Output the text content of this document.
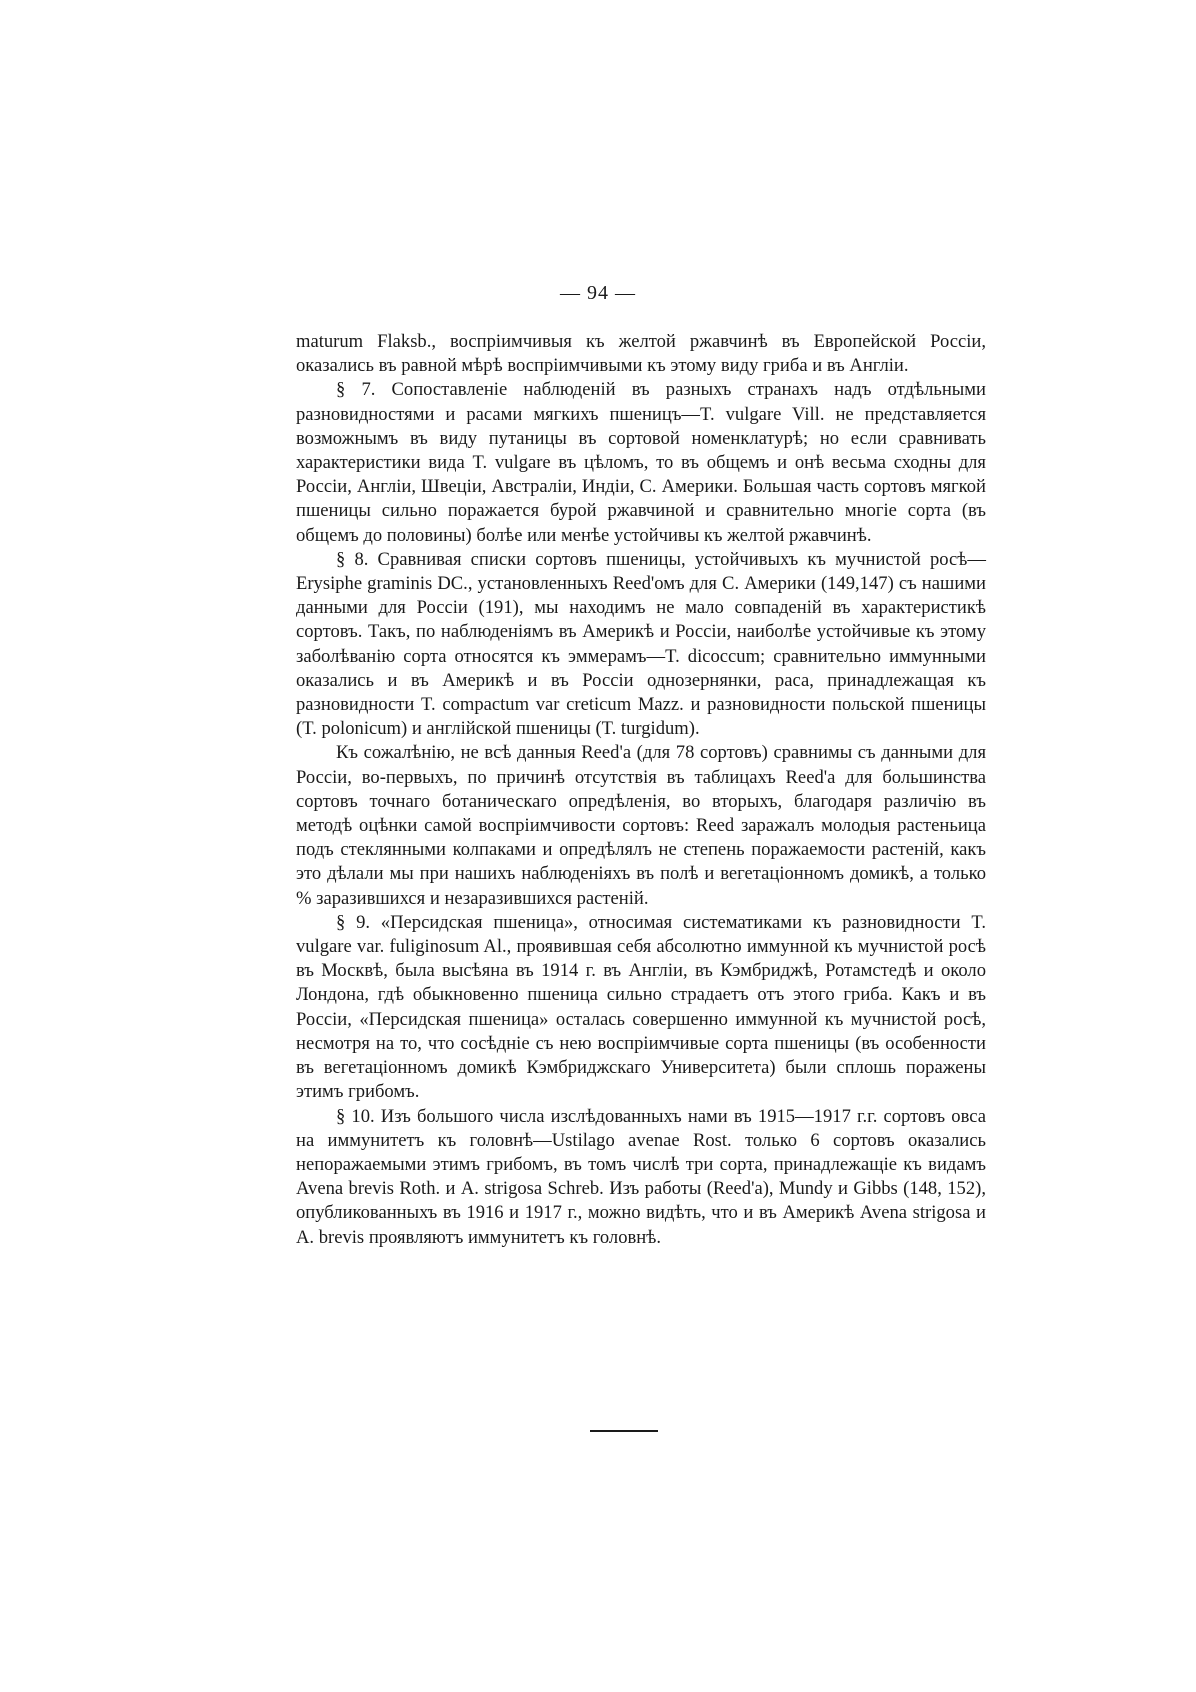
— 94 —

maturum Flaksb., воспріимчивыя къ желтой ржавчинѣ въ Европейской Россіи, оказались въ равной мѣрѣ воспріимчивыми къ этому виду гриба и въ Англіи.

§ 7. Сопоставленіе наблюденій въ разныхъ странахъ надъ отдѣльными разновидностями и расами мягкихъ пшеницъ—T. vulgare Vill. не представляется возможнымъ въ виду путаницы въ сортовой номенклатурѣ; но если сравнивать характеристики вида T. vulgare въ цѣломъ, то въ общемъ и онѣ весьма сходны для Россіи, Англіи, Швеціи, Австраліи, Индіи, С. Америки. Большая часть сортовъ мягкой пшеницы сильно поражается бурой ржавчиной и сравнительно многіе сорта (въ общемъ до половины) болѣе или менѣе устойчивы къ желтой ржавчинѣ.

§ 8. Сравнивая списки сортовъ пшеницы, устойчивыхъ къ мучнистой росѣ—Erysiphe graminis DC., установленныхъ Reed'омъ для С. Америки (149,147) съ нашими данными для Россіи (191), мы находимъ не мало совпаденій въ характеристикѣ сортовъ. Такъ, по наблюденіямъ въ Америкѣ и Россіи, наиболѣе устойчивые къ этому заболѣванію сорта относятся къ эммерамъ—T. dicoccum; сравнительно иммунными оказались и въ Америкѣ и въ Россіи однозернянки, раса, принадлежащая къ разновидности T. compactum var creticum Mazz. и разновидности польской пшеницы (T. polonicum) и англійской пшеницы (T. turgidum).

Къ сожалѣнію, не всѣ данныя Reed'a (для 78 сортовъ) сравнимы съ данными для Россіи, во-первыхъ, по причинѣ отсутствія въ таблицахъ Reed'a для большинства сортовъ точнаго ботаническаго опредѣленія, во вторыхъ, благодаря различію въ методѣ оцѣнки самой воспріимчивости сортовъ: Reed заражалъ молодыя растеньица подъ стеклянными колпаками и опредѣлялъ не степень поражаемости растеній, какъ это дѣлали мы при нашихъ наблюденіяхъ въ полѣ и вегетаціонномъ домикѣ, а только % заразившихся и незаразившихся растеній.

§ 9. «Персидская пшеница», относимая систематиками къ разновидности T. vulgare var. fuliginosum Al., проявившая себя абсолютно иммунной къ мучнистой росѣ въ Москвѣ, была высѣяна въ 1914 г. въ Англіи, въ Кэмбриджѣ, Ротамстедѣ и около Лондона, гдѣ обыкновенно пшеница сильно страдаетъ отъ этого гриба. Какъ и въ Россіи, «Персидская пшеница» осталась совершенно иммунной къ мучнистой росѣ, несмотря на то, что сосѣдніе съ нею воспріимчивые сорта пшеницы (въ особенности въ вегетаціонномъ домикѣ Кэмбриджскаго Университета) были сплошь поражены этимъ грибомъ.

§ 10. Изъ большого числа изслѣдованныхъ нами въ 1915—1917 г.г. сортовъ овса на иммунитетъ къ головнѣ—Ustilago avenae Rost. только 6 сортовъ оказались непоражаемыми этимъ грибомъ, въ томъ числѣ три сорта, принадлежащіе къ видамъ Avena brevis Roth. и A. strigosa Schreb. Изъ работы (Reed'a), Mundy и Gibbs (148, 152), опубликованныхъ въ 1916 и 1917 г., можно видѣть, что и въ Америкѣ Avena strigosa и A. brevis проявляютъ иммунитетъ къ головнѣ.
